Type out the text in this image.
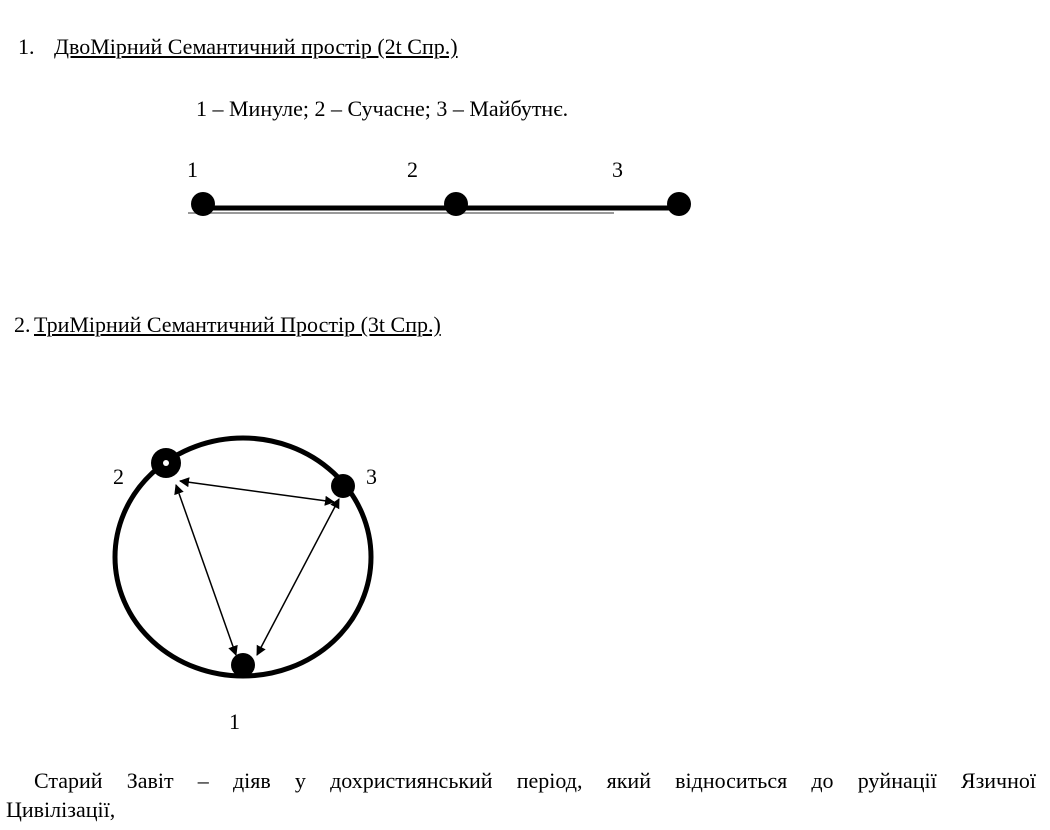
1. ДвоМірний Семантичний простір (2t Спр.)
1 – Минуле; 2 – Сучасне; 3 – Майбутнє.
2. ТриМірний Семантичний Простір (3t Спр.)
1	2	3
1
2	3
Старий Завіт – діяв у дохристиянський період, який відноситься до руйнації Язичної
Цивілізації,
